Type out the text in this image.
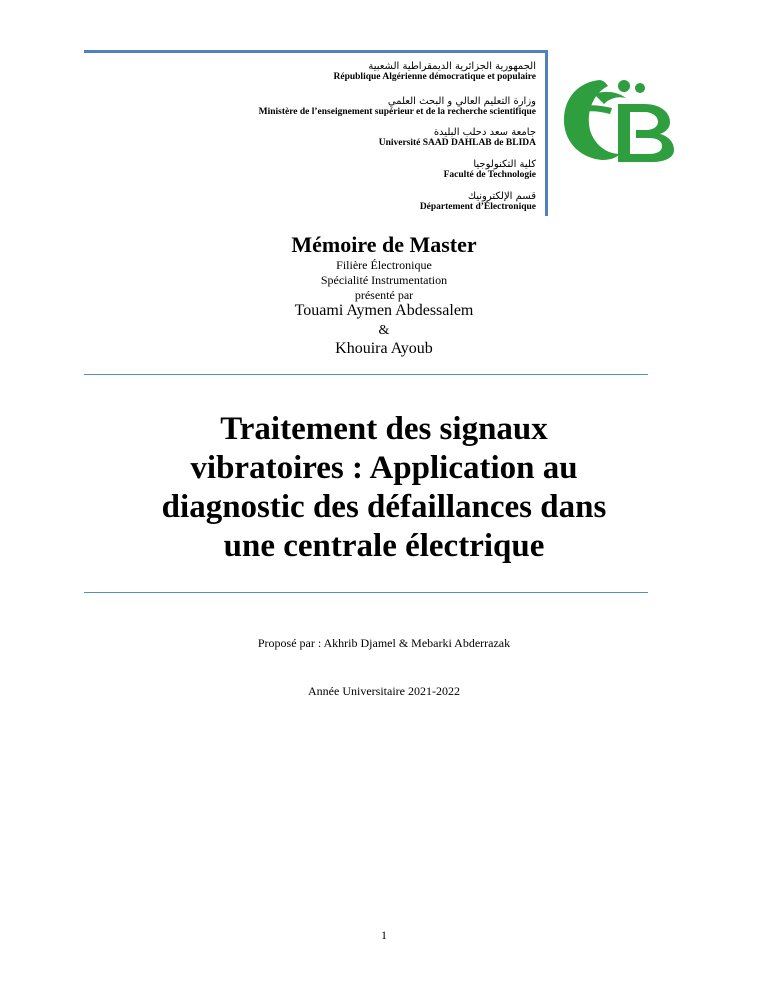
الجمهورية الجزائرية الديمقراطية الشعبية
République Algérienne démocratique et populaire
وزارة التعليم العالي و البحث العلمي
Ministère de l’enseignement supérieur et de la recherche scientifique
جامعة سعد دحلب البليدة
Université SAAD DAHLAB de BLIDA
كلية التكنولوجيا
Faculté de Technologie
قسم الإلكترونيك
Département d’Électronique
Mémoire de Master
Filière Électronique
Spécialité Instrumentation
présenté par
Touami Aymen Abdessalem
&
Khouira Ayoub
Traitement des signaux
vibratoires : Application au
diagnostic des défaillances dans
une centrale électrique
Proposé par : Akhrib Djamel & Mebarki Abderrazak
Année Universitaire 2021-2022
1
